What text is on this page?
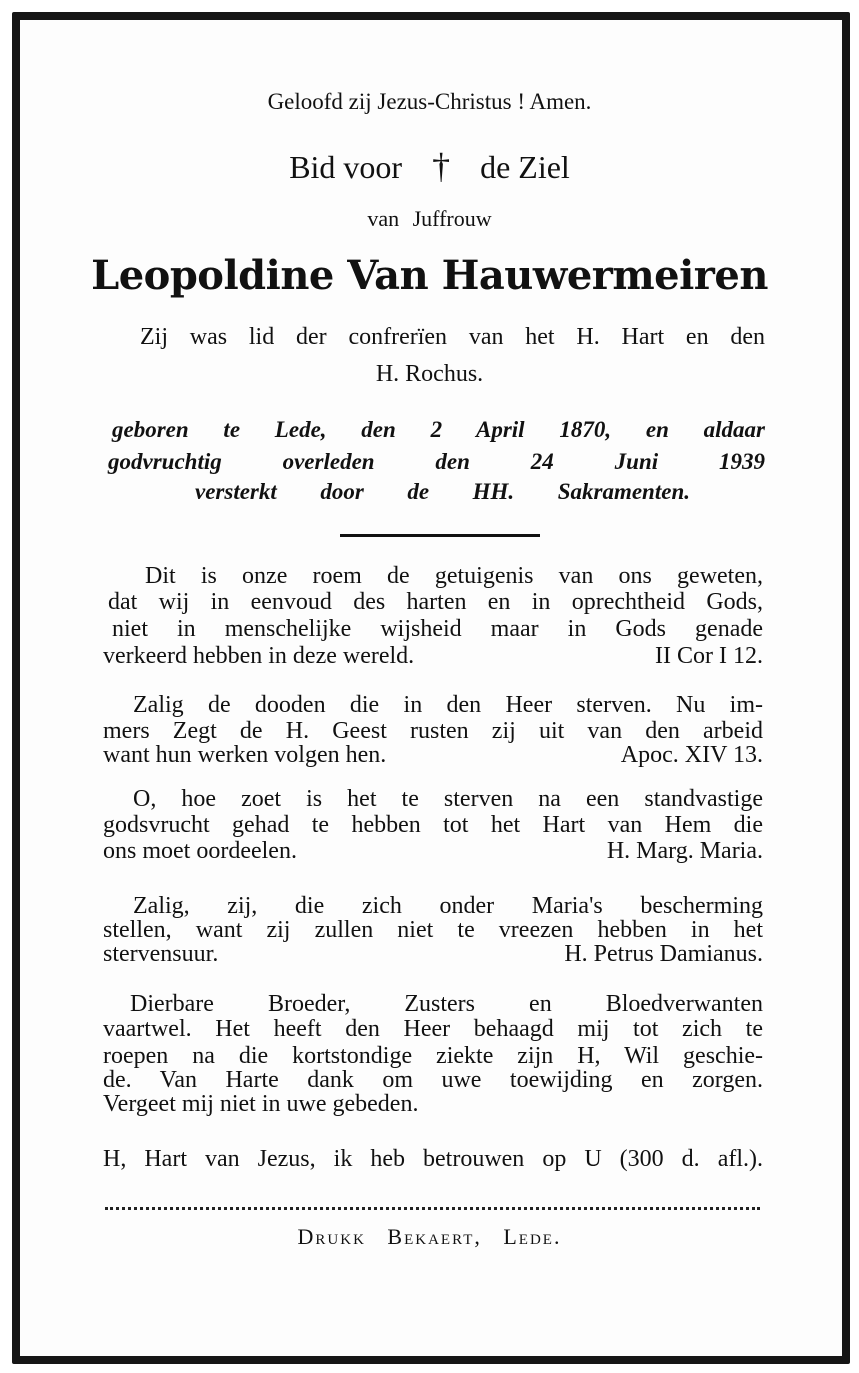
Geloofd zij Jezus-Christus ! Amen.
Bid voor † de Ziel
van Juffrouw
Leopoldine Van Hauwermeiren
Zij was lid der confrerïen van het H. Hart en den
H. Rochus.
geboren te Lede, den 2 April 1870, en aldaar
godvruchtig overleden den 24 Juni 1939
versterkt door de HH. Sakramenten.
Dit is onze roem de getuigenis van ons geweten,
dat wij in eenvoud des harten en in oprechtheid Gods,
niet in menschelijke wijsheid maar in Gods genade
verkeerd hebben in deze wereld.	II Cor I 12.
Zalig de dooden die in den Heer sterven. Nu im-
mers Zegt de H. Geest rusten zij uit van den arbeid
want hun werken volgen hen.	Apoc. XIV 13.
O, hoe zoet is het te sterven na een standvastige
godsvrucht gehad te hebben tot het Hart van Hem die
ons moet oordeelen.	H. Marg. Maria.
Zalig, zij, die zich onder Maria's bescherming
stellen, want zij zullen niet te vreezen hebben in het
stervensuur.	H. Petrus Damianus.
Dierbare Broeder, Zusters en Bloedverwanten
vaartwel. Het heeft den Heer behaagd mij tot zich te
roepen na die kortstondige ziekte zijn H, Wil geschie-
de. Van Harte dank om uwe toewijding en zorgen.
Vergeet mij niet in uwe gebeden.
H, Hart van Jezus, ik heb betrouwen op U (300 d. afl.).
Drukk Bekaert, Lede.
